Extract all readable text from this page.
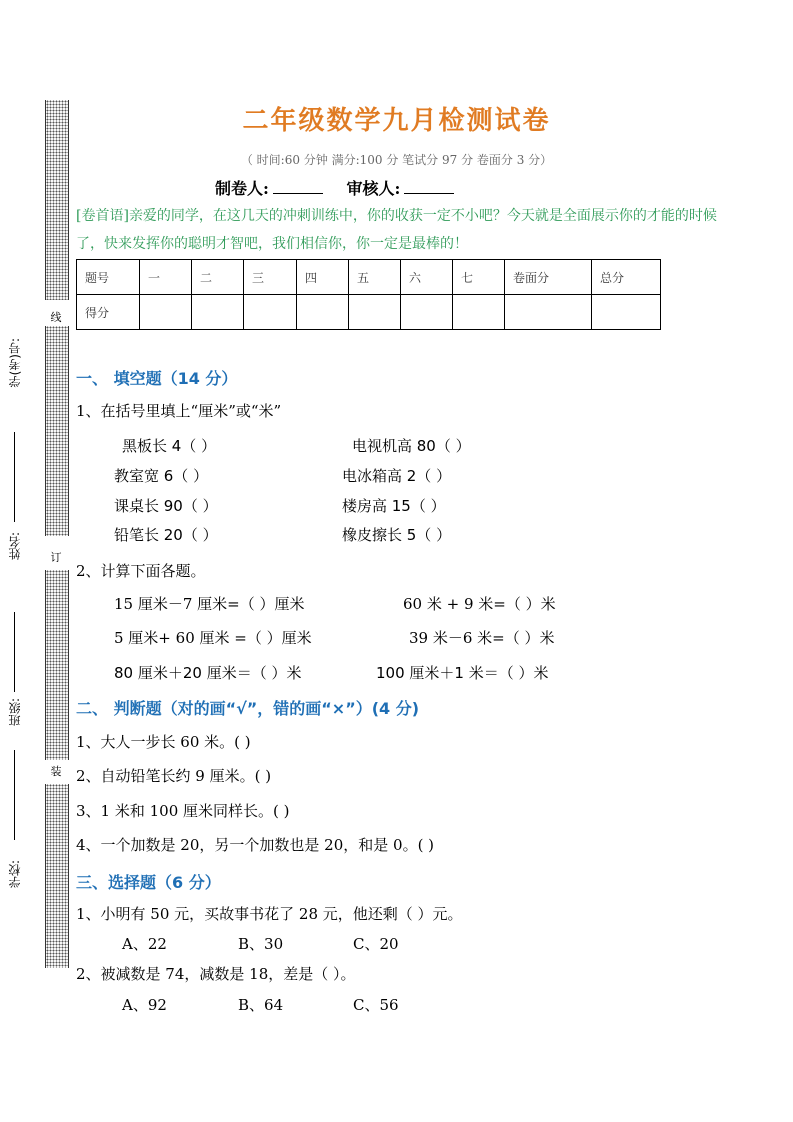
线
订
装
学(考)号:
姓名:
班级:
学校:
二年级数学九月检测试卷
（ 时间:60 分钟 满分:100 分 笔试分 97 分 卷面分 3 分）
制卷人:	审核人:
[卷首语]亲爱的同学，在这几天的冲刺训练中，你的收获一定不小吧？今天就是全面展示你的才能的时候了，快来发挥你的聪明才智吧，我们相信你，你一定是最棒的！
题号	一	二	三	四	五	六	七	卷面分	总分
得分									
一、 填空题（14 分）
1、在括号里填上“厘米”或“米”
黑板长 4（ ）	电视机高 80（ ）
教室宽 6（ ）	电冰箱高 2（ ）
课桌长 90（ ）	楼房高 15（ ）
铅笔长 20（ ）	橡皮擦长 5（ ）
2、计算下面各题。
15 厘米－7 厘米=（ ）厘米	60 米 + 9 米=（ ）米
5 厘米+ 60 厘米 =（ ）厘米	39 米－6 米=（ ）米
80 厘米＋20 厘米＝（ ）米	100 厘米＋1 米＝（ ）米
二、 判断题（对的画“√”，错的画“×”）(4 分)
1、大人一步长 60 米。( )
2、自动铅笔长约 9 厘米。( )
3、1 米和 100 厘米同样长。( )
4、一个加数是 20，另一个加数也是 20，和是 0。( )
三、选择题（6 分）
1、小明有 50 元，买故事书花了 28 元，他还剩（ ）元。
A、22	B、30	C、20
2、被减数是 74，减数是 18，差是（ ）。
A、92	B、64	C、56
